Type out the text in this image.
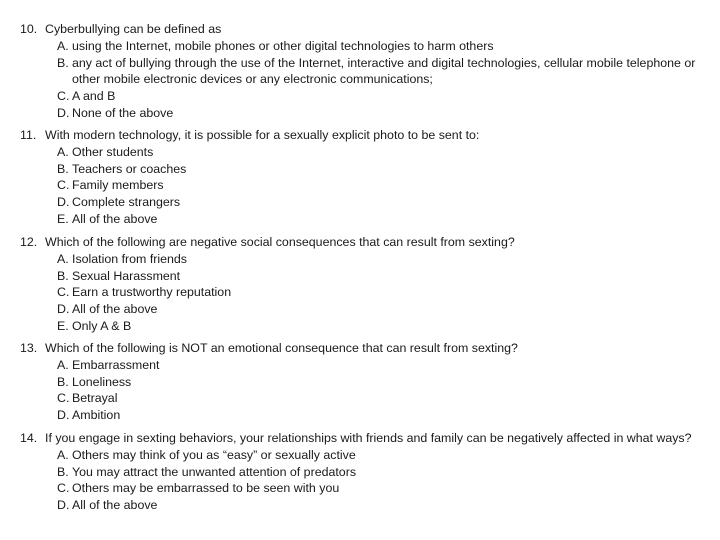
10. Cyberbullying can be defined as
A. using the Internet, mobile phones or other digital technologies to harm others
B. any act of bullying through the use of the Internet, interactive and digital technologies, cellular mobile telephone or other mobile electronic devices or any electronic communications;
C. A and B
D. None of the above
11. With modern technology, it is possible for a sexually explicit photo to be sent to:
A. Other students
B. Teachers or coaches
C. Family members
D. Complete strangers
E. All of the above
12. Which of the following are negative social consequences that can result from sexting?
A. Isolation from friends
B. Sexual Harassment
C. Earn a trustworthy reputation
D. All of the above
E. Only A & B
13. Which of the following is NOT an emotional consequence that can result from sexting?
A. Embarrassment
B. Loneliness
C. Betrayal
D. Ambition
14. If you engage in sexting behaviors, your relationships with friends and family can be negatively affected in what ways?
A. Others may think of you as “easy” or sexually active
B. You may attract the unwanted attention of predators
C. Others may be embarrassed to be seen with you
D. All of the above
